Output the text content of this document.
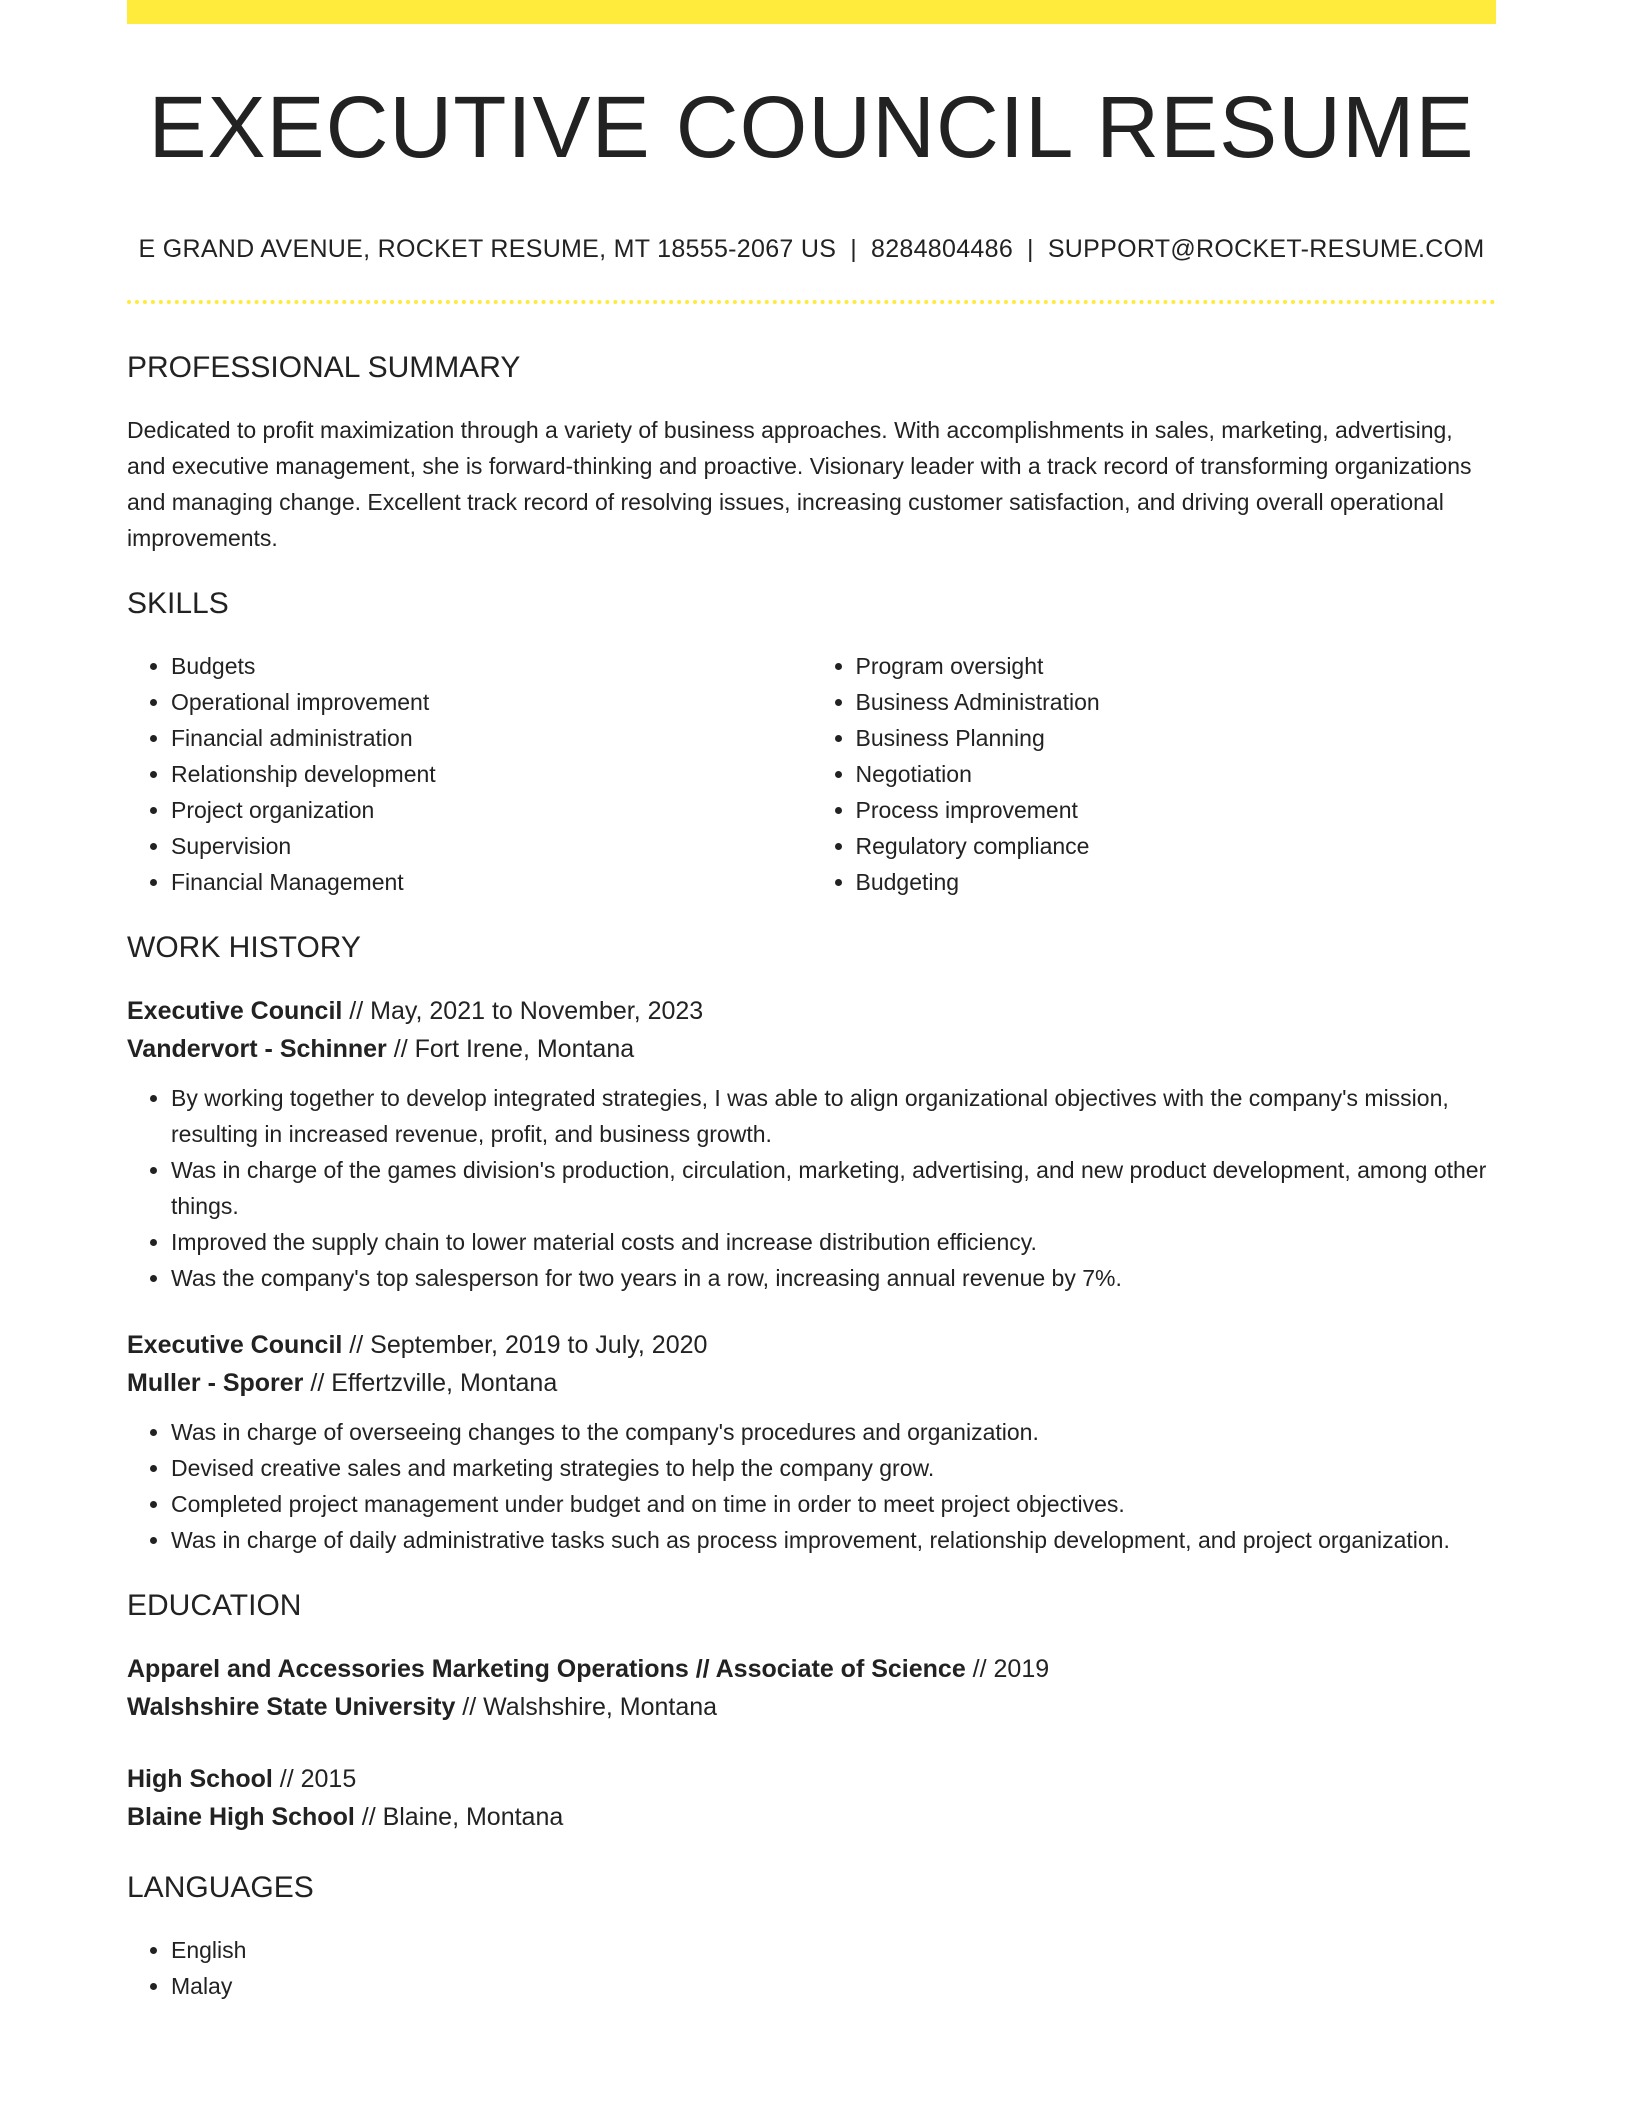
EXECUTIVE COUNCIL RESUME
E GRAND AVENUE, ROCKET RESUME, MT 18555-2067 US | 8284804486 | SUPPORT@ROCKET-RESUME.COM
PROFESSIONAL SUMMARY
Dedicated to profit maximization through a variety of business approaches. With accomplishments in sales, marketing, advertising, and executive management, she is forward-thinking and proactive. Visionary leader with a track record of transforming organizations and managing change. Excellent track record of resolving issues, increasing customer satisfaction, and driving overall operational improvements.
SKILLS
• Budgets
• Operational improvement
• Financial administration
• Relationship development
• Project organization
• Supervision
• Financial Management
• Program oversight
• Business Administration
• Business Planning
• Negotiation
• Process improvement
• Regulatory compliance
• Budgeting
WORK HISTORY
Executive Council // May, 2021 to November, 2023
Vandervort - Schinner // Fort Irene, Montana
• By working together to develop integrated strategies, I was able to align organizational objectives with the company's mission, resulting in increased revenue, profit, and business growth.
• Was in charge of the games division's production, circulation, marketing, advertising, and new product development, among other things.
• Improved the supply chain to lower material costs and increase distribution efficiency.
• Was the company's top salesperson for two years in a row, increasing annual revenue by 7%.
Executive Council // September, 2019 to July, 2020
Muller - Sporer // Effertzville, Montana
• Was in charge of overseeing changes to the company's procedures and organization.
• Devised creative sales and marketing strategies to help the company grow.
• Completed project management under budget and on time in order to meet project objectives.
• Was in charge of daily administrative tasks such as process improvement, relationship development, and project organization.
EDUCATION
Apparel and Accessories Marketing Operations // Associate of Science // 2019
Walshshire State University // Walshshire, Montana
High School // 2015
Blaine High School // Blaine, Montana
LANGUAGES
• English
• Malay
